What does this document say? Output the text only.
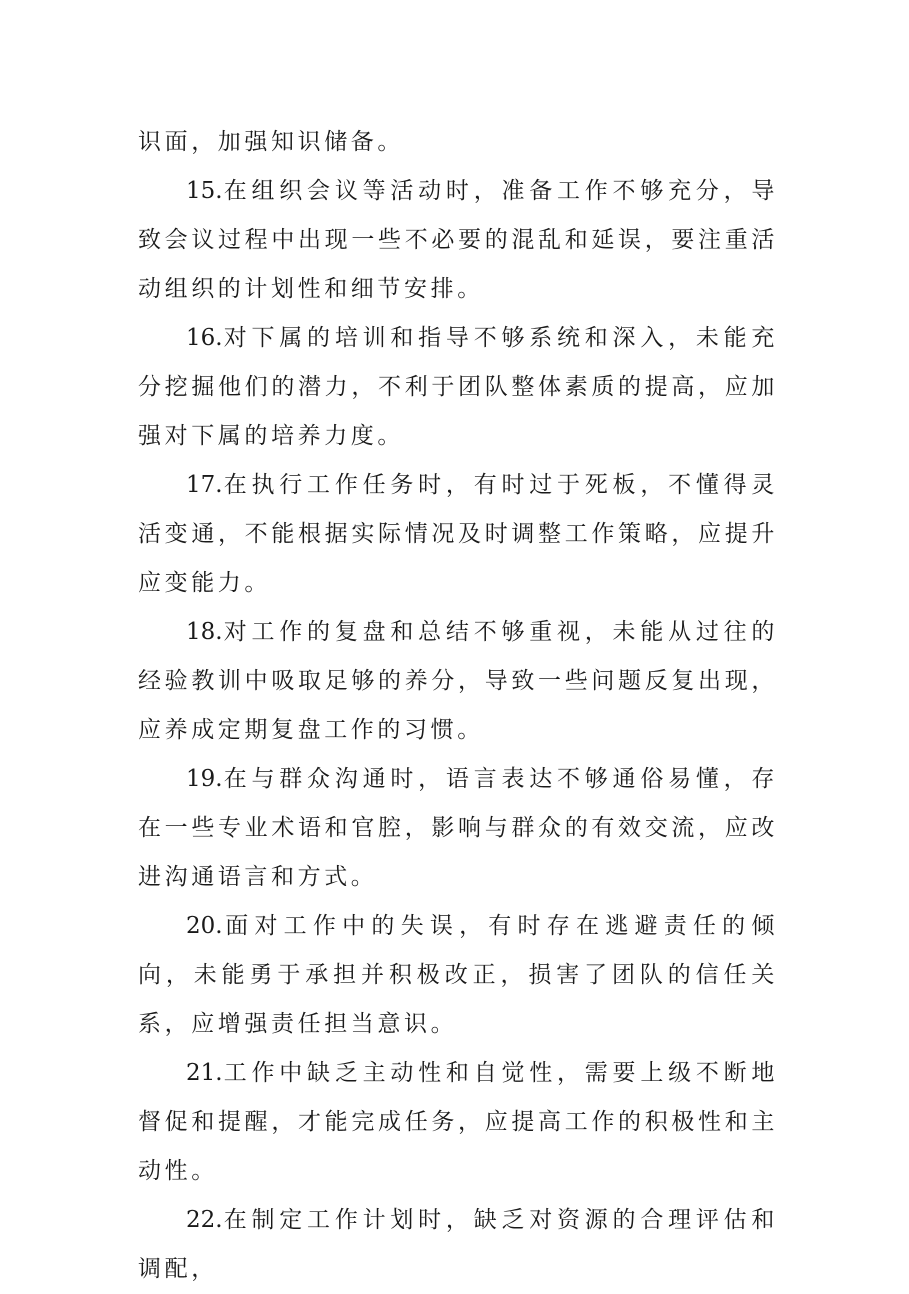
识面，加强知识储备。

15.在组织会议等活动时，准备工作不够充分，导致会议过程中出现一些不必要的混乱和延误，要注重活动组织的计划性和细节安排。

16.对下属的培训和指导不够系统和深入，未能充分挖掘他们的潜力，不利于团队整体素质的提高，应加强对下属的培养力度。

17.在执行工作任务时，有时过于死板，不懂得灵活变通，不能根据实际情况及时调整工作策略，应提升应变能力。

18.对工作的复盘和总结不够重视，未能从过往的经验教训中吸取足够的养分，导致一些问题反复出现，应养成定期复盘工作的习惯。

19.在与群众沟通时，语言表达不够通俗易懂，存在一些专业术语和官腔，影响与群众的有效交流，应改进沟通语言和方式。

20.面对工作中的失误，有时存在逃避责任的倾向，未能勇于承担并积极改正，损害了团队的信任关系，应增强责任担当意识。

21.工作中缺乏主动性和自觉性，需要上级不断地督促和提醒，才能完成任务，应提高工作的积极性和主动性。

22.在制定工作计划时，缺乏对资源的合理评估和调配，
